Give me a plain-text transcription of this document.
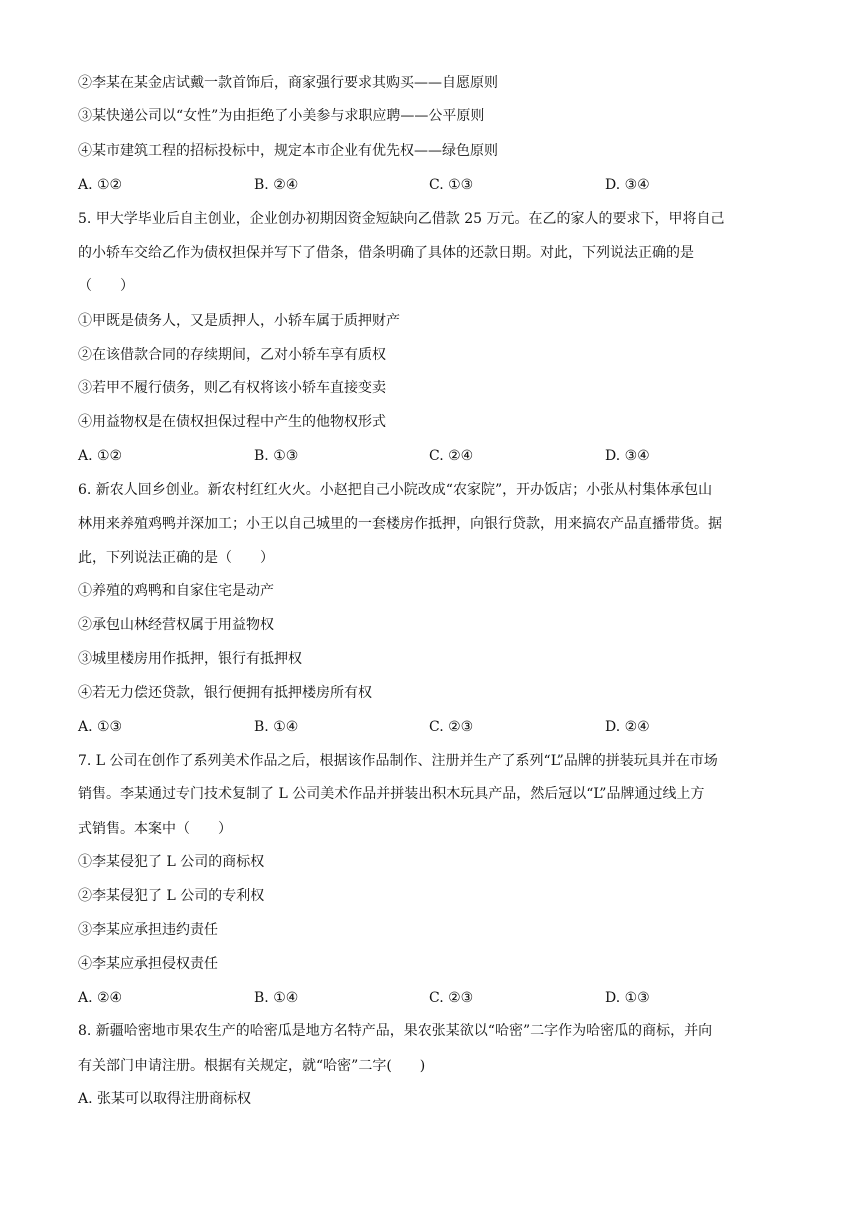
②李某在某金店试戴一款首饰后，商家强行要求其购买——自愿原则
③某快递公司以“女性”为由拒绝了小美参与求职应聘——公平原则
④某市建筑工程的招标投标中，规定本市企业有优先权——绿色原则
A. ①②	B. ②④	C. ①③	D. ③④
5. 甲大学毕业后自主创业，企业创办初期因资金短缺向乙借款 25 万元。在乙的家人的要求下，甲将自己
的小轿车交给乙作为债权担保并写下了借条，借条明确了具体的还款日期。对此，下列说法正确的是
（　　）
①甲既是债务人，又是质押人，小轿车属于质押财产
②在该借款合同的存续期间，乙对小轿车享有质权
③若甲不履行债务，则乙有权将该小轿车直接变卖
④用益物权是在债权担保过程中产生的他物权形式
A. ①②	B. ①③	C. ②④	D. ③④
6. 新农人回乡创业。新农村红红火火。小赵把自己小院改成“农家院”，开办饭店；小张从村集体承包山
林用来养殖鸡鸭并深加工；小王以自己城里的一套楼房作抵押，向银行贷款，用来搞农产品直播带货。据
此，下列说法正确的是（　　）
①养殖的鸡鸭和自家住宅是动产
②承包山林经营权属于用益物权
③城里楼房用作抵押，银行有抵押权
④若无力偿还贷款，银行便拥有抵押楼房所有权
A. ①③	B. ①④	C. ②③	D. ②④
7. L 公司在创作了系列美术作品之后，根据该作品制作、注册并生产了系列“L”品牌的拼装玩具并在市场
销售。李某通过专门技术复制了 L 公司美术作品并拼装出积木玩具产品，然后冠以“L”品牌通过线上方
式销售。本案中（　　）
①李某侵犯了 L 公司的商标权
②李某侵犯了 L 公司的专利权
③李某应承担违约责任
④李某应承担侵权责任
A. ②④	B. ①④	C. ②③	D. ①③
8. 新疆哈密地市果农生产的哈密瓜是地方名特产品，果农张某欲以“哈密”二字作为哈密瓜的商标，并向
有关部门申请注册。根据有关规定，就“哈密”二字(　　)
A. 张某可以取得注册商标权
